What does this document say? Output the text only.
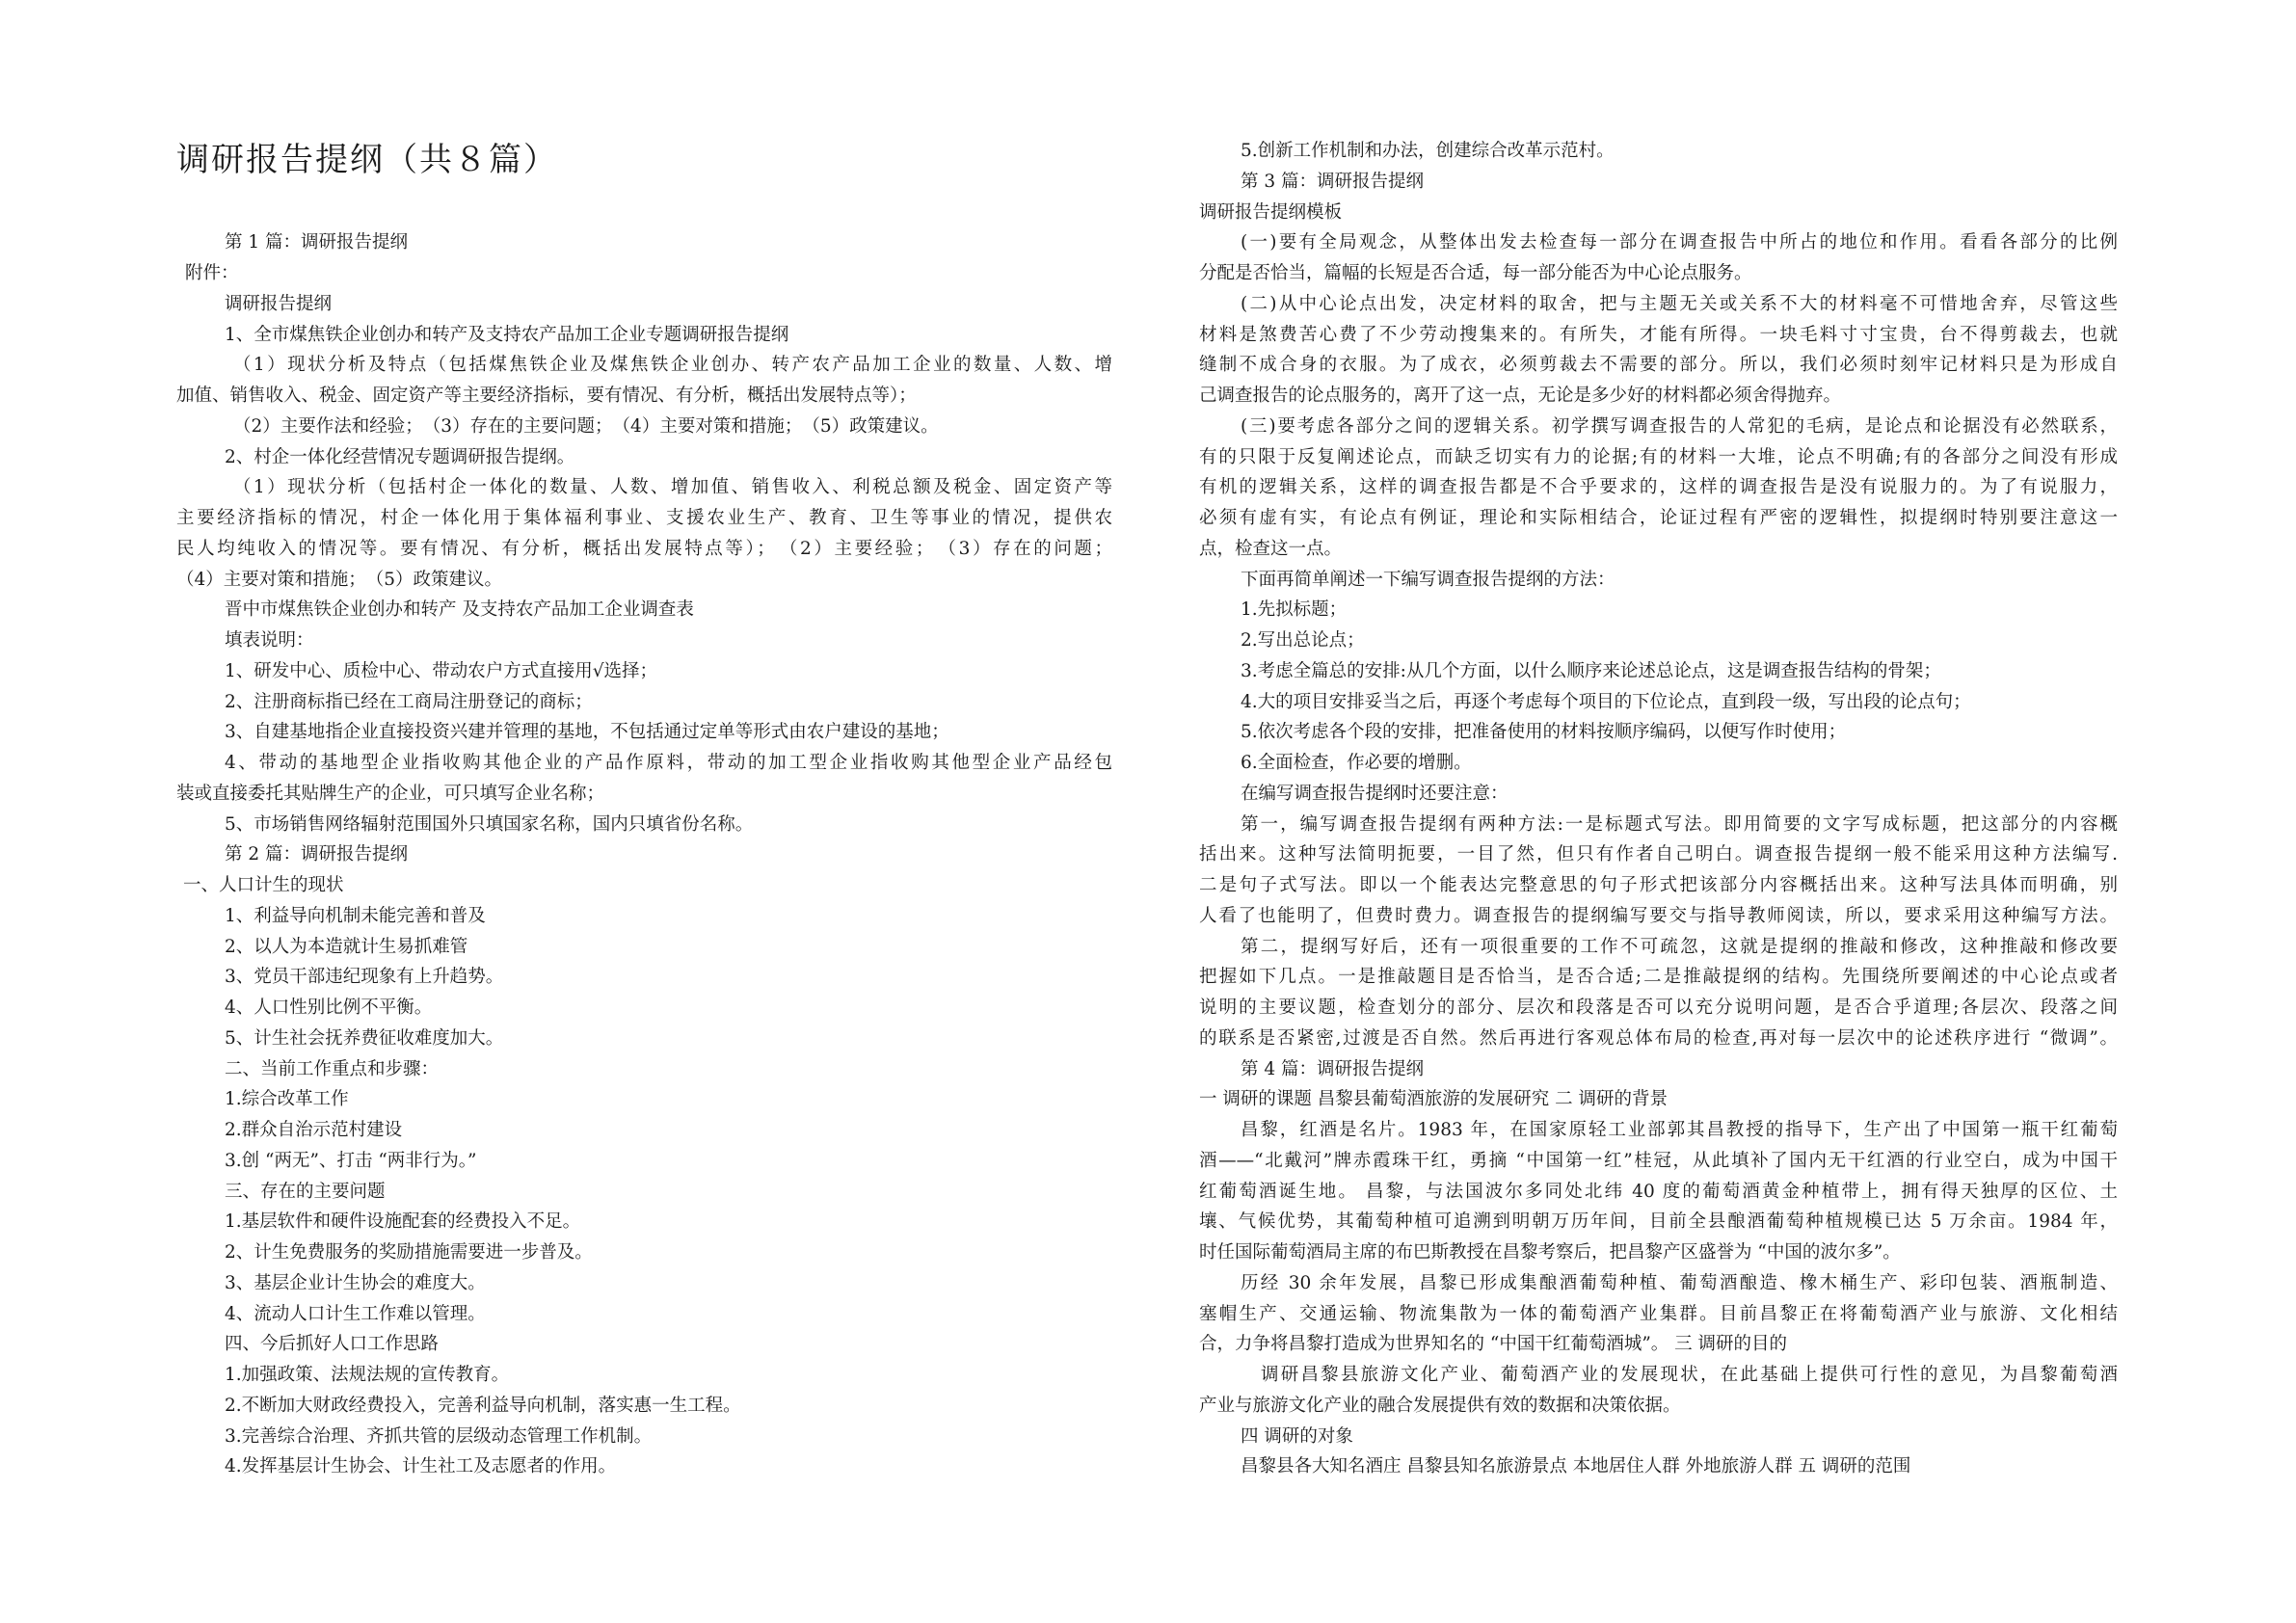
调研报告提纲（共８篇）
第 1 篇：调研报告提纲
附件：
调研报告提纲
1、全市煤焦铁企业创办和转产及支持农产品加工企业专题调研报告提纲
（1）现状分析及特点（包括煤焦铁企业及煤焦铁企业创办、转产农产品加工企业的数量、人数、增
加值、销售收入、税金、固定资产等主要经济指标，要有情况、有分析，概括出发展特点等）；
（2）主要作法和经验；　（3）存在的主要问题；　（4）主要对策和措施；　（5）政策建议。
2、村企一体化经营情况专题调研报告提纲。
（1）现状分析（包括村企一体化的数量、人数、增加值、销售收入、利税总额及税金、固定资产等
主要经济指标的情况，村企一体化用于集体福利事业、支援农业生产、教育、卫生等事业的情况，提供农
民人均纯收入的情况等。要有情况、有分析，概括出发展特点等）；　（2）主要经验；　（3）存在的问题；
（4）主要对策和措施；　（5）政策建议。
晋中市煤焦铁企业创办和转产 及支持农产品加工企业调查表
填表说明：
1、研发中心、质检中心、带动农户方式直接用√选择；
2、注册商标指已经在工商局注册登记的商标；
3、自建基地指企业直接投资兴建并管理的基地，不包括通过定单等形式由农户建设的基地；
4、带动的基地型企业指收购其他企业的产品作原料，带动的加工型企业指收购其他型企业产品经包
装或直接委托其贴牌生产的企业，可只填写企业名称；
5、市场销售网络辐射范围国外只填国家名称，国内只填省份名称。
第 2 篇：调研报告提纲
一、人口计生的现状
1、利益导向机制未能完善和普及
2、以人为本造就计生易抓难管
3、党员干部违纪现象有上升趋势。
4、人口性别比例不平衡。
5、计生社会抚养费征收难度加大。
二、当前工作重点和步骤：
1.综合改革工作
2.群众自治示范村建设
3.创 “两无”、打击 “两非行为。”
三、存在的主要问题
1.基层软件和硬件设施配套的经费投入不足。
2、计生免费服务的奖励措施需要进一步普及。
3、基层企业计生协会的难度大。
4、流动人口计生工作难以管理。
四、今后抓好人口工作思路
1.加强政策、法规法规的宣传教育。
2.不断加大财政经费投入，完善利益导向机制，落实惠一生工程。
3.完善综合治理、齐抓共管的层级动态管理工作机制。
4.发挥基层计生协会、计生社工及志愿者的作用。
5.创新工作机制和办法，创建综合改革示范村。
第 3 篇：调研报告提纲
调研报告提纲模板
(一)要有全局观念，从整体出发去检查每一部分在调查报告中所占的地位和作用。看看各部分的比例
分配是否恰当，篇幅的长短是否合适，每一部分能否为中心论点服务。
(二)从中心论点出发，决定材料的取舍，把与主题无关或关系不大的材料毫不可惜地舍弃，尽管这些
材料是煞费苦心费了不少劳动搜集来的。有所失，才能有所得。一块毛料寸寸宝贵，台不得剪裁去，也就
缝制不成合身的衣服。为了成衣，必须剪裁去不需要的部分。所以，我们必须时刻牢记材料只是为形成自
己调查报告的论点服务的，离开了这一点，无论是多少好的材料都必须舍得抛弃。
(三)要考虑各部分之间的逻辑关系。初学撰写调查报告的人常犯的毛病，是论点和论据没有必然联系，
有的只限于反复阐述论点，而缺乏切实有力的论据;有的材料一大堆，论点不明确;有的各部分之间没有形成
有机的逻辑关系，这样的调查报告都是不合乎要求的，这样的调查报告是没有说服力的。为了有说服力，
必须有虚有实，有论点有例证，理论和实际相结合，论证过程有严密的逻辑性，拟提纲时特别要注意这一
点，检查这一点。
下面再简单阐述一下编写调查报告提纲的方法：
1.先拟标题；
2.写出总论点；
3.考虑全篇总的安排:从几个方面，以什么顺序来论述总论点，这是调查报告结构的骨架；
4.大的项目安排妥当之后，再逐个考虑每个项目的下位论点，直到段一级，写出段的论点句；
5.依次考虑各个段的安排，把准备使用的材料按顺序编码，以便写作时使用；
6.全面检查，作必要的增删。
在编写调查报告提纲时还要注意：
第一，编写调查报告提纲有两种方法:一是标题式写法。即用简要的文字写成标题，把这部分的内容概
括出来。这种写法简明扼要，一目了然，但只有作者自己明白。调查报告提纲一般不能采用这种方法编写.
二是句子式写法。即以一个能表达完整意思的句子形式把该部分内容概括出来。这种写法具体而明确，别
人看了也能明了，但费时费力。调查报告的提纲编写要交与指导教师阅读，所以，要求采用这种编写方法。
第二，提纲写好后，还有一项很重要的工作不可疏忽，这就是提纲的推敲和修改，这种推敲和修改要
把握如下几点。一是推敲题目是否恰当，是否合适;二是推敲提纲的结构。先围绕所要阐述的中心论点或者
说明的主要议题，检查划分的部分、层次和段落是否可以充分说明问题，是否合乎道理;各层次、段落之间
的联系是否紧密,过渡是否自然。然后再进行客观总体布局的检查,再对每一层次中的论述秩序进行 “微调”。
第 4 篇：调研报告提纲
一 调研的课题 昌黎县葡萄酒旅游的发展研究 二 调研的背景
昌黎，红酒是名片。1983 年，在国家原轻工业部郭其昌教授的指导下，生产出了中国第一瓶干红葡萄
酒——“北戴河”牌赤霞珠干红，勇摘 “中国第一红”桂冠，从此填补了国内无干红酒的行业空白，成为中国干
红葡萄酒诞生地。 昌黎，与法国波尔多同处北纬 40 度的葡萄酒黄金种植带上，拥有得天独厚的区位、土
壤、气候优势，其葡萄种植可追溯到明朝万历年间，目前全县酿酒葡萄种植规模已达 5 万余亩。1984 年，
时任国际葡萄酒局主席的布巴斯教授在昌黎考察后，把昌黎产区盛誉为 “中国的波尔多”。
历经 30 余年发展，昌黎已形成集酿酒葡萄种植、葡萄酒酿造、橡木桶生产、彩印包装、酒瓶制造、
塞帽生产、交通运输、物流集散为一体的葡萄酒产业集群。目前昌黎正在将葡萄酒产业与旅游、文化相结
合，力争将昌黎打造成为世界知名的 “中国干红葡萄酒城”。 三 调研的目的
调研昌黎县旅游文化产业、葡萄酒产业的发展现状，在此基础上提供可行性的意见，为昌黎葡萄酒
产业与旅游文化产业的融合发展提供有效的数据和决策依据。
四 调研的对象
昌黎县各大知名酒庄 昌黎县知名旅游景点 本地居住人群 外地旅游人群 五 调研的范围
